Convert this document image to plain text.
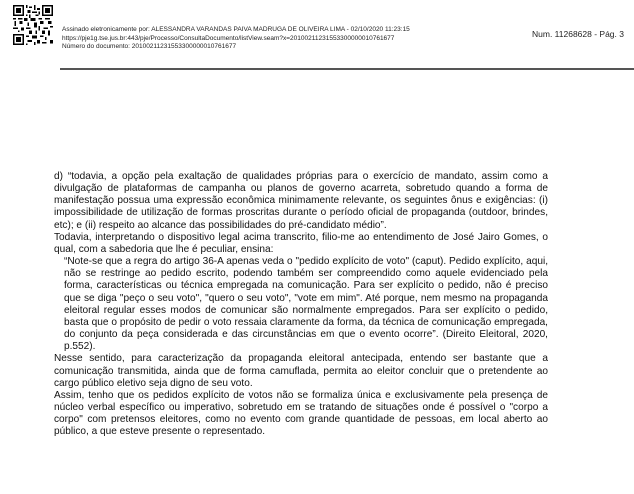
Assinado eletronicamente por: ALESSANDRA VARANDAS PAIVA MADRUGA DE OLIVEIRA LIMA - 02/10/2020 11:23:15
https://pje1g.tse.jus.br:443/pje/Processo/ConsultaDocumento/listView.seam?x=20100211231553300000010761677
Número do documento: 20100211231553300000010761677
Num. 11268628 - Pág. 3

d) “todavia, a opção pela exaltação de qualidades próprias para o exercício de mandato, assim como a divulgação de plataformas de campanha ou planos de governo acarreta, sobretudo quando a forma de manifestação possua uma expressão econômica minimamente relevante, os seguintes ônus e exigências: (i) impossibilidade de utilização de formas proscritas durante o período oficial de propaganda (outdoor, brindes, etc); e (ii) respeito ao alcance das possibilidades do pré-candidato médio”.

Todavia, interpretando o dispositivo legal acima transcrito, filio-me ao entendimento de José Jairo Gomes, o qual, com a sabedoria que lhe é peculiar, ensina:

“Note-se que a regra do artigo 36-A apenas veda o "pedido explícito de voto" (caput). Pedido explícito, aqui, não se restringe ao pedido escrito, podendo também ser compreendido como aquele evidenciado pela forma, características ou técnica empregada na comunicação. Para ser explícito o pedido, não é preciso que se diga "peço o seu voto", "quero o seu voto", "vote em mim". Até porque, nem mesmo na propaganda eleitoral regular esses modos de comunicar são normalmente empregados. Para ser explícito o pedido, basta que o propósito de pedir o voto ressaia claramente da forma, da técnica de comunicação empregada, do conjunto da peça considerada e das circunstâncias em que o evento ocorre”. (Direito Eleitoral, 2020, p.552).

Nesse sentido, para caracterização da propaganda eleitoral antecipada, entendo ser bastante que a comunicação transmitida, ainda que de forma camuflada, permita ao eleitor concluir que o pretendente ao cargo público eletivo seja digno de seu voto.

Assim, tenho que os pedidos explícito de votos não se formaliza única e exclusivamente pela presença de núcleo verbal específico ou imperativo, sobretudo em se tratando de situações onde é possível o "corpo a corpo" com pretensos eleitores, como no evento com grande quantidade de pessoas, em local aberto ao público, a que esteve presente o representado.
